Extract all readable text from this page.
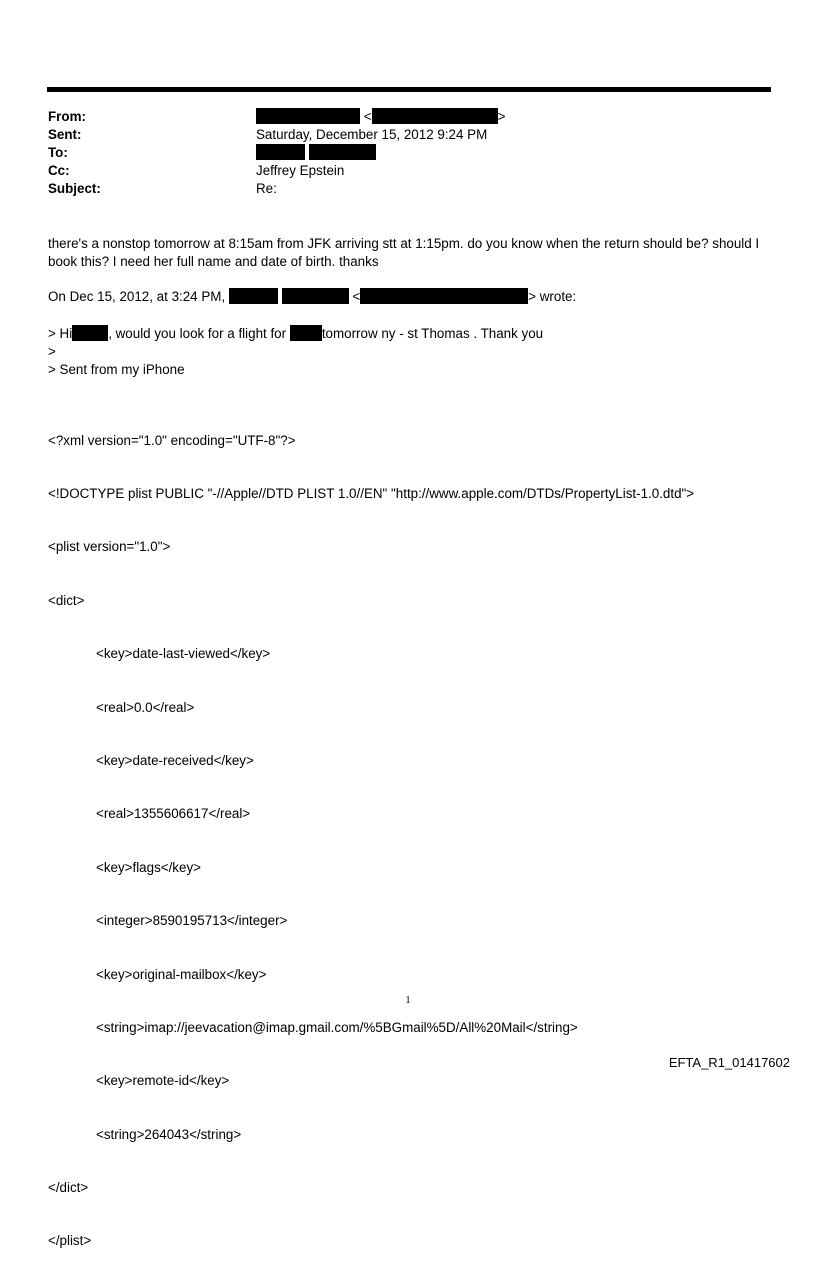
From:	<	>
Sent:	Saturday, December 15, 2012 9:24 PM
To:

Cc:	Jeffrey Epstein
Subject:	Re:
there's a nonstop tomorrow at 8:15am from JFK arriving stt at 1:15pm. do you know when the return should be? should I book this? I need her full name and date of birth. thanks
On Dec 15, 2012, at 3:24 PM,	<	> wrote:
> Hi	, would you look for a flight for	tomorrow ny - st Thomas . Thank you
>
> Sent from my iPhone

<?xml version="1.0" encoding="UTF-8"?>

<!DOCTYPE plist PUBLIC "-//Apple//DTD PLIST 1.0//EN" "http://www.apple.com/DTDs/PropertyList-1.0.dtd">

<plist version="1.0">

<dict>

<key>date-last-viewed</key>

<real>0.0</real>

<key>date-received</key>

<real>1355606617</real>

<key>flags</key>

<integer>8590195713</integer>

<key>original-mailbox</key>

<string>imap://jeevacation@imap.gmail.com/%5BGmail%5D/All%20Mail</string>

<key>remote-id</key>

<string>264043</string>

</dict>

</plist>

1
EFTA_R1_01417602
